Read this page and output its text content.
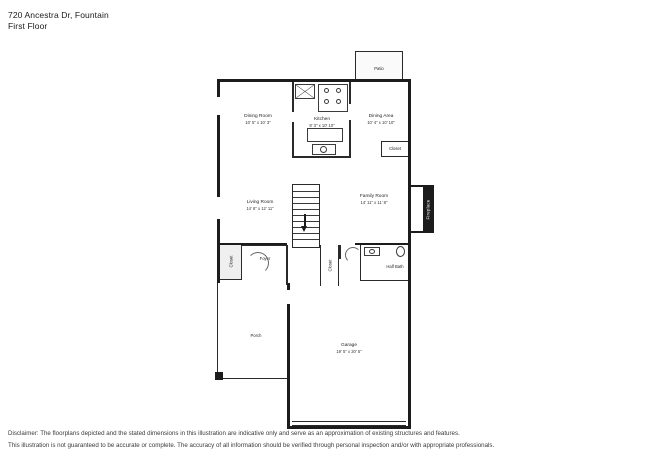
720 Ancestra Dr, Fountain
First Floor
Patio
Closet
Dining Room
10' 5" x 10' 3"
Kitchen
8' 3" x 10' 10"
Dining Area
10' 4" x 10' 10"
Fireplace
Living Room
14' 6" x 12' 11"
Family Room
14' 11" x 11' 8"
Closet	Foyer
Closet	Half Bath
Porch
Garage
19' 5" x 20' 5"
Disclaimer: The floorplans depicted and the stated dimensions in this illustration are indicative only and serve as an approximation of existing structures and features.
This illustration is not guaranteed to be accurate or complete. The accuracy of all information should be verified through personal inspection and/or with appropriate professionals.
